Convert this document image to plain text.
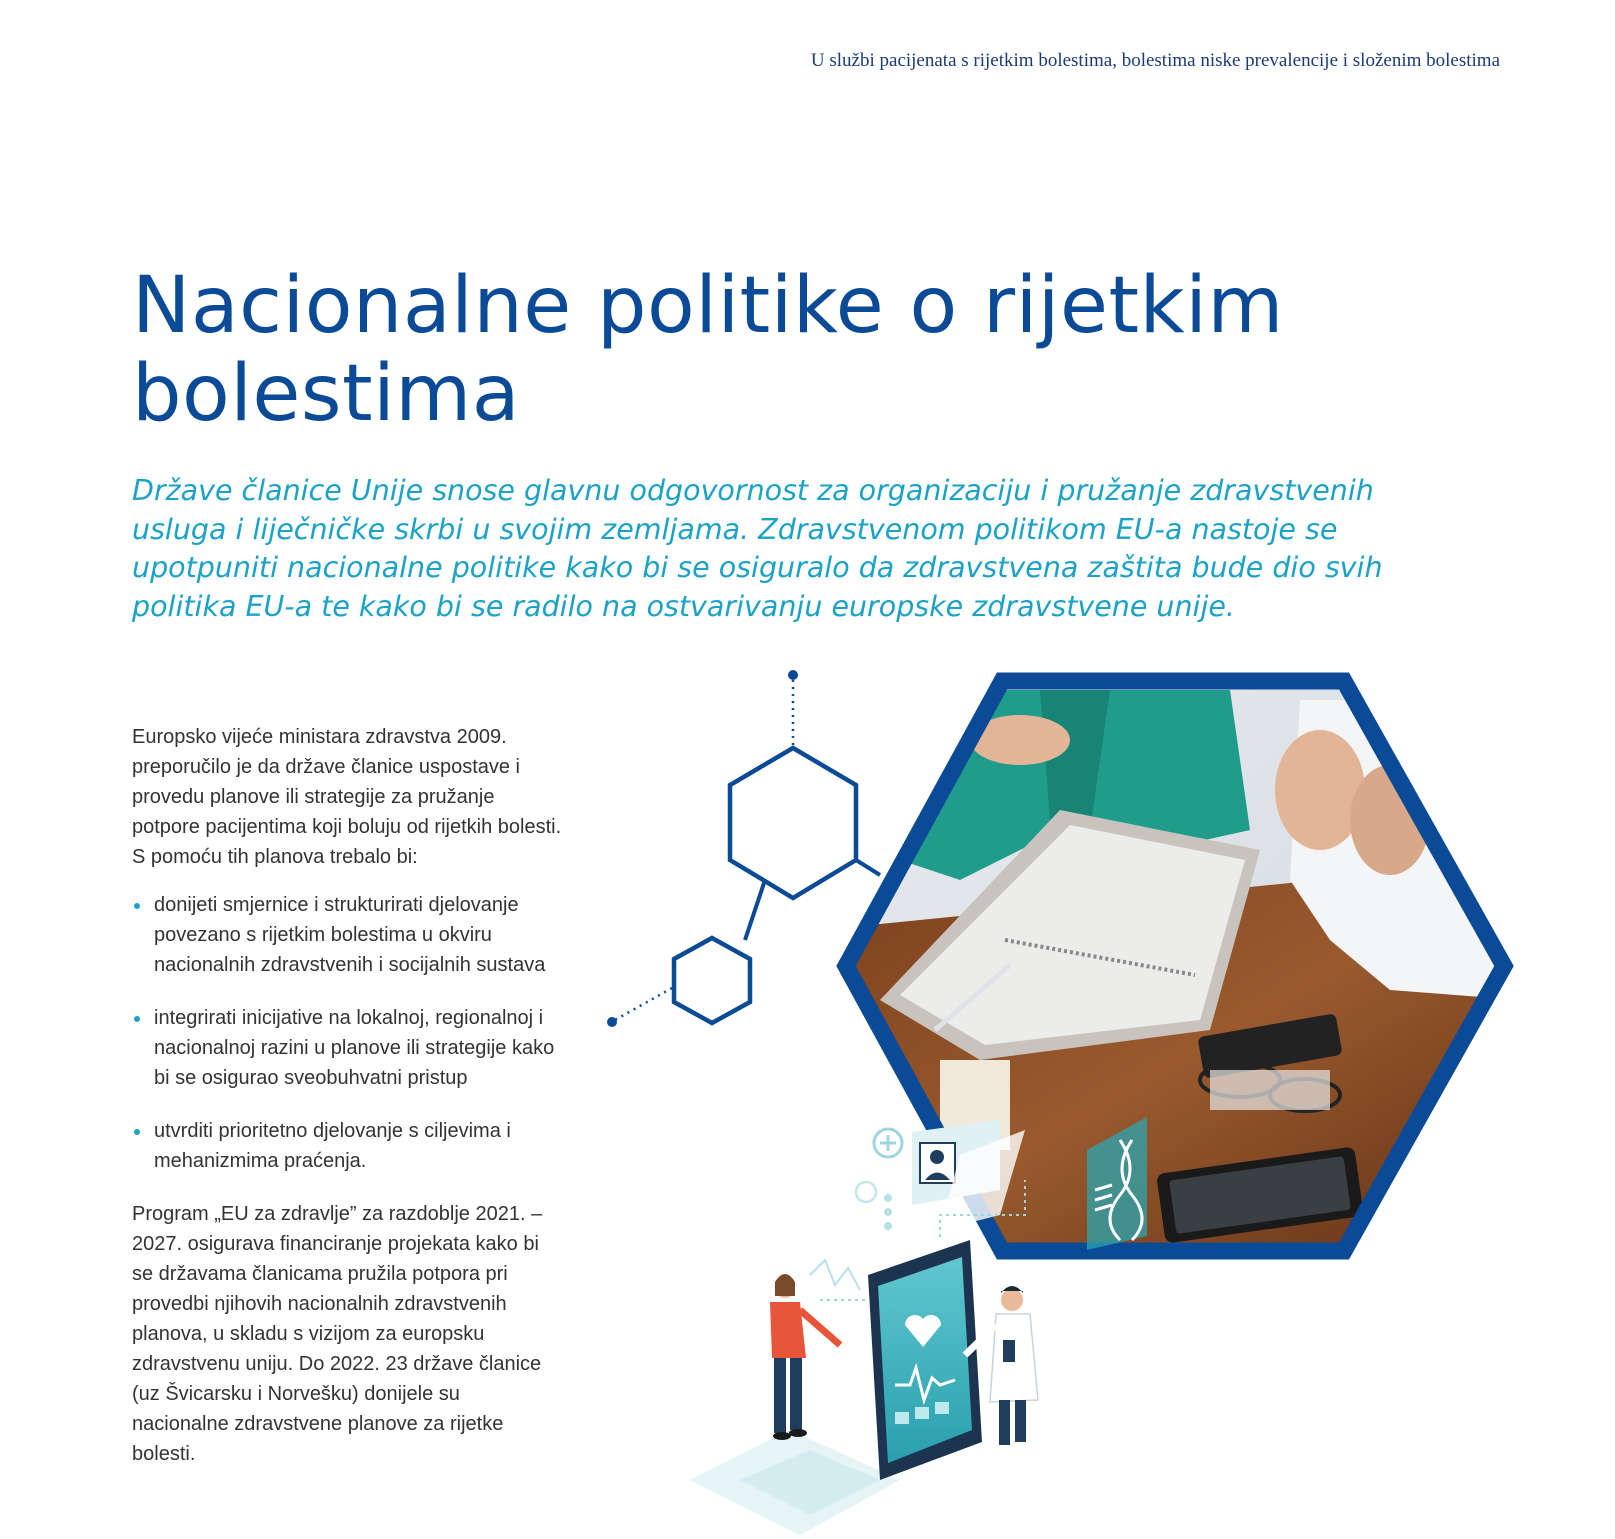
U službi pacijenata s rijetkim bolestima, bolestima niske prevalencije i složenim bolestima
Nacionalne politike o rijetkim
bolestima

Države članice Unije snose glavnu odgovornost za organizaciju i pružanje zdravstvenih usluga i liječničke skrbi u svojim zemljama. Zdravstvenom politikom EU-a nastoje se upotpuniti nacionalne politike kako bi se osiguralo da zdravstvena zaštita bude dio svih politika EU-a te kako bi se radilo na ostvarivanju europske zdravstvene unije.

Europsko vijeće ministara zdravstva 2009. preporučilo je da države članice uspostave i provedu planove ili strategije za pružanje potpore pacijentima koji boluju od rijetkih bolesti. S pomoću tih planova trebalo bi:

donijeti smjernice i strukturirati djelovanje povezano s rijetkim bolestima u okviru nacionalnih zdravstvenih i socijalnih sustava
integrirati inicijative na lokalnoj, regionalnoj i nacionalnoj razini u planove ili strategije kako bi se osigurao sveobuhvatni pristup
utvrditi prioritetno djelovanje s ciljevima i mehanizmima praćenja.

Program „EU za zdravlje” za razdoblje 2021. – 2027. osigurava financiranje projekata kako bi se državama članicama pružila potpora pri provedbi njihovih nacionalnih zdravstvenih planova, u skladu s vizijom za europsku zdravstvenu uniju. Do 2022. 23 države članice (uz Švicarsku i Norvešku) donijele su nacionalne zdravstvene planove za rijetke bolesti.
